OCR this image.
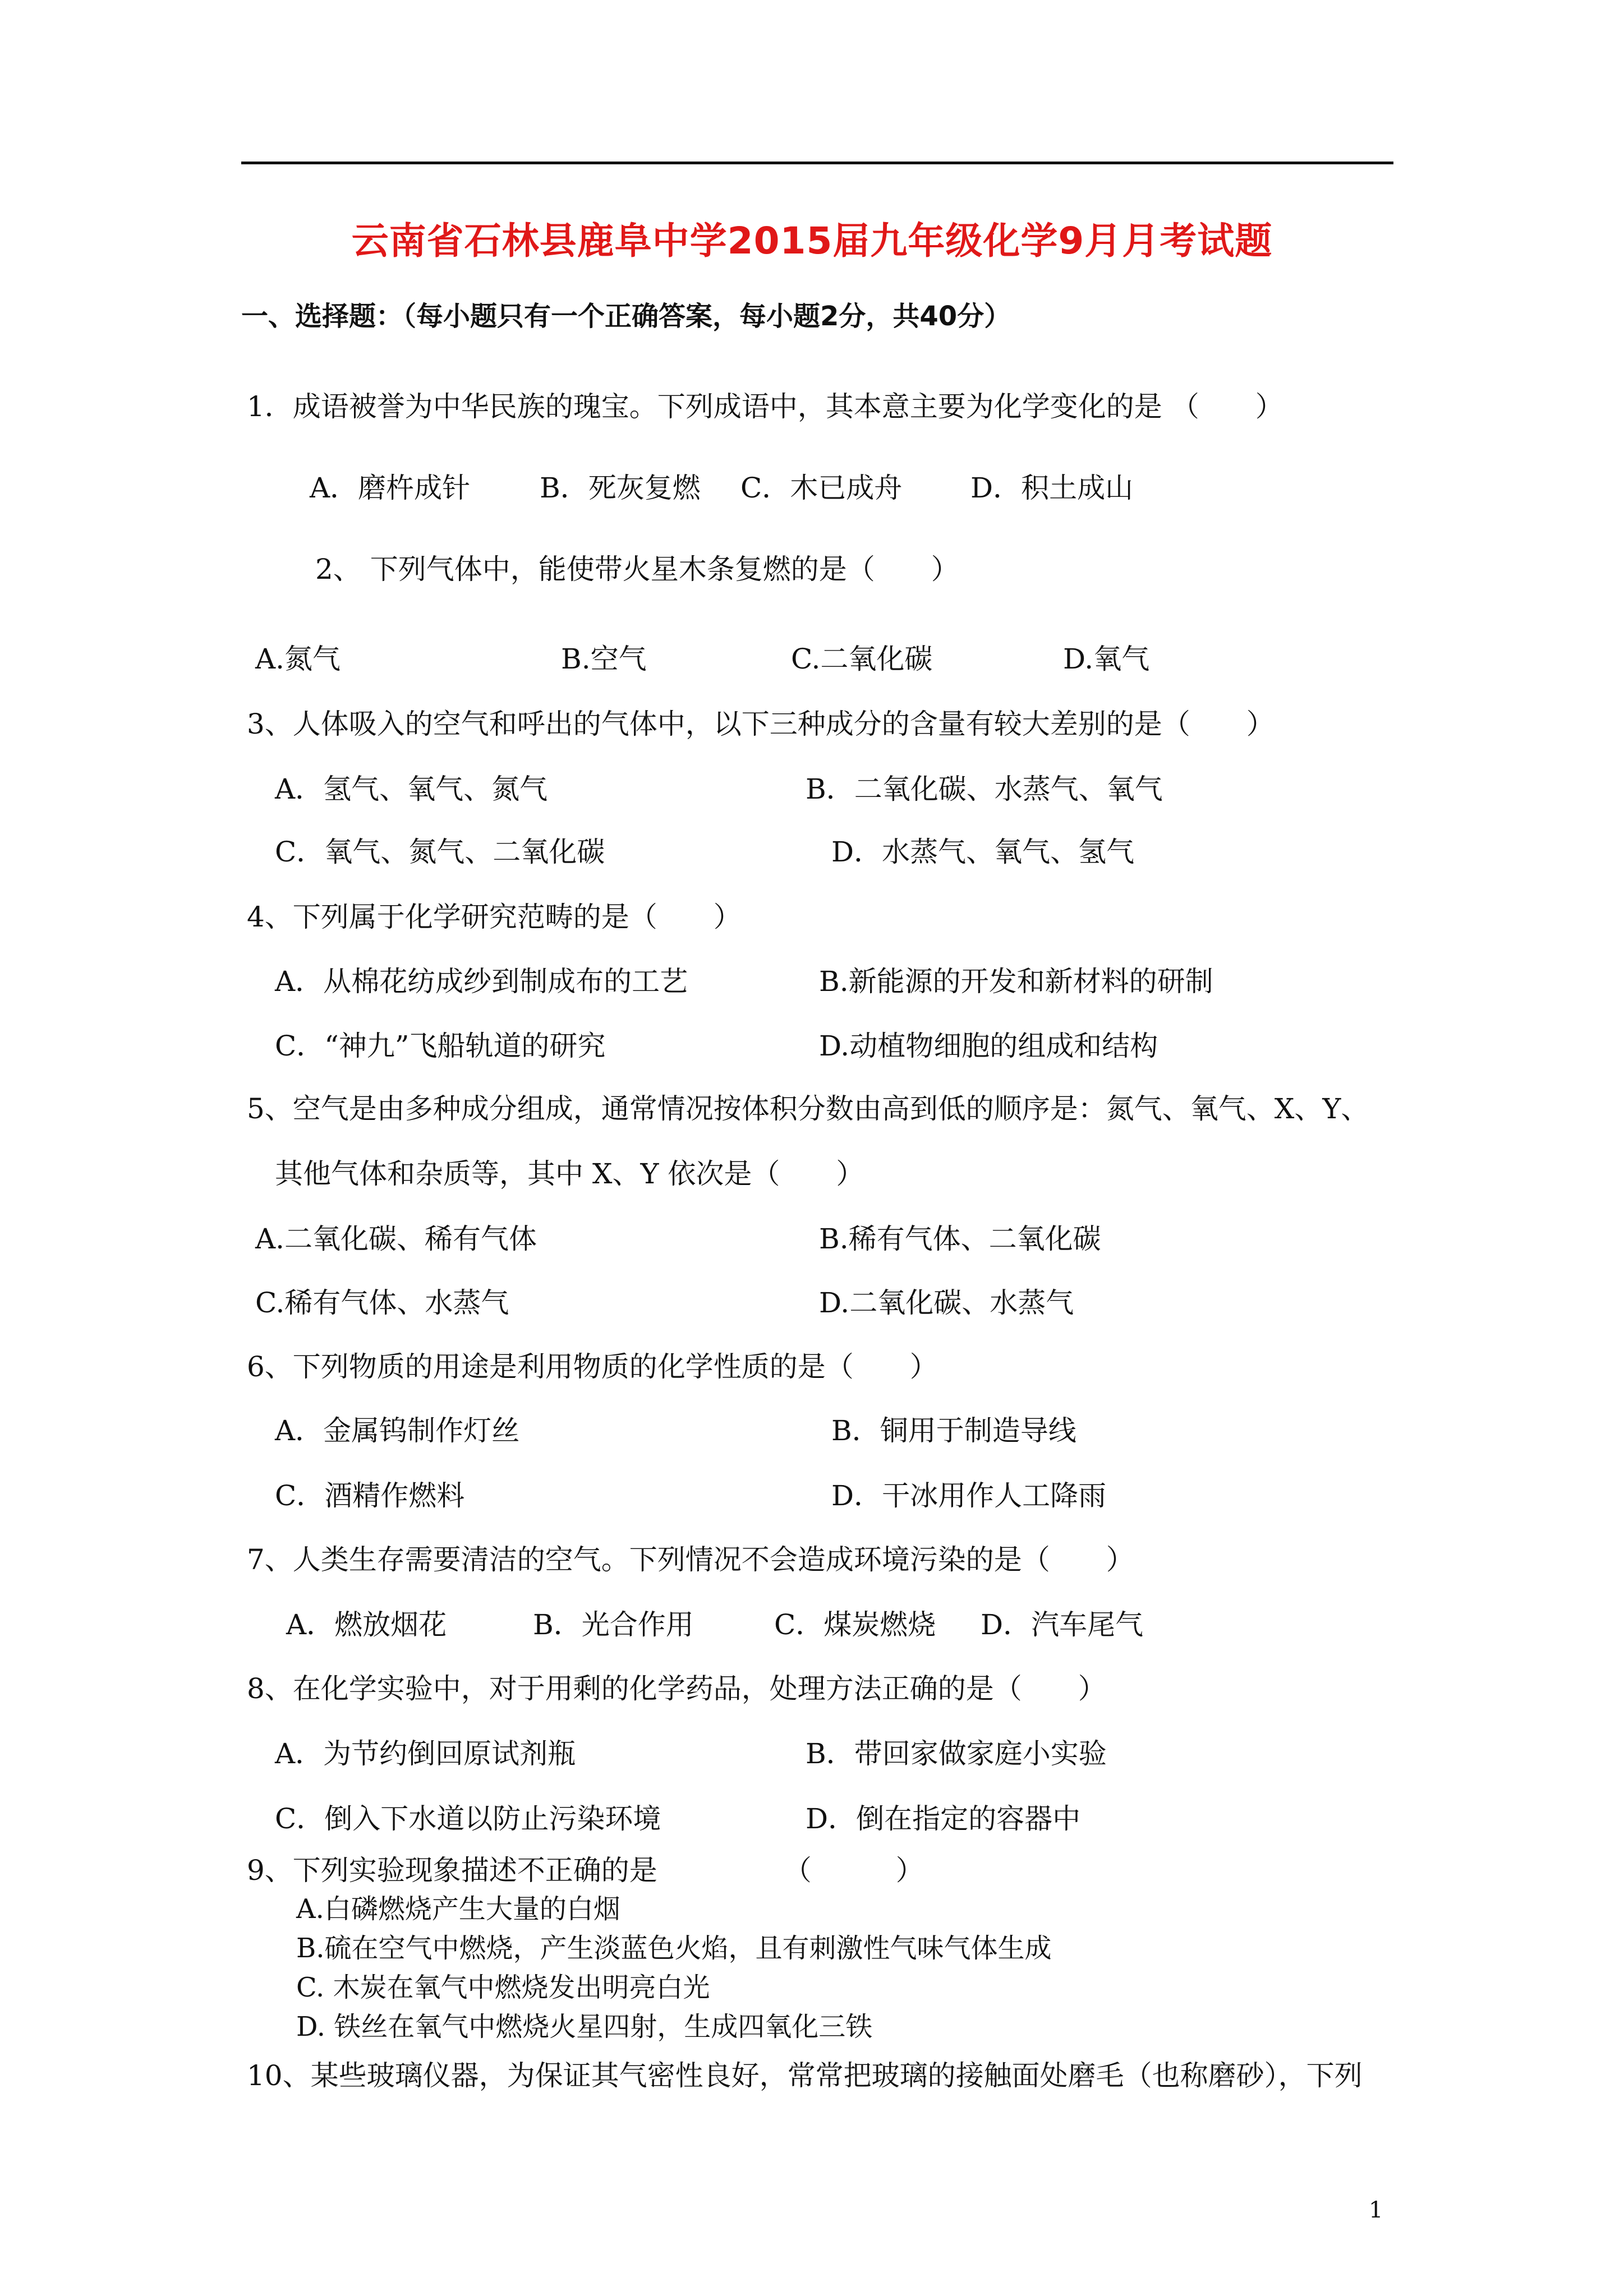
云南省石林县鹿阜中学2015届九年级化学9月月考试题
一、选择题：（每小题只有一个正确答案，每小题2分，共40分）
1．成语被誉为中华民族的瑰宝。下列成语中，其本意主要为化学变化的是 （　　）
A．磨杵成针 B．死灰复燃 C．木已成舟 D．积土成山
2、 下列气体中，能使带火星木条复燃的是（　　）
A.氮气	B.空气	C.二氧化碳	D.氧气
3、人体吸入的空气和呼出的气体中，以下三种成分的含量有较大差别的是（　　）
A．氢气、氧气、氮气	B．二氧化碳、水蒸气、氧气
C．氧气、氮气、二氧化碳	D．水蒸气、氧气、氢气
4、下列属于化学研究范畴的是（　　）
A．从棉花纺成纱到制成布的工艺	B.新能源的开发和新材料的研制
C．“神九”飞船轨道的研究	D.动植物细胞的组成和结构
5、空气是由多种成分组成，通常情况按体积分数由高到低的顺序是：氮气、氧气、X、Y、
其他气体和杂质等，其中 X、Y 依次是（　　）
A.二氧化碳、稀有气体	B.稀有气体、二氧化碳
C.稀有气体、水蒸气	D.二氧化碳、水蒸气
6、下列物质的用途是利用物质的化学性质的是（　　）
A．金属钨制作灯丝	B．铜用于制造导线
C．酒精作燃料	D．干冰用作人工降雨
7、人类生存需要清洁的空气。下列情况不会造成环境污染的是（　　）
A．燃放烟花	B．光合作用	C．煤炭燃烧 D．汽车尾气
8、在化学实验中，对于用剩的化学药品，处理方法正确的是（　　）
A．为节约倒回原试剂瓶	B．带回家做家庭小实验
C．倒入下水道以防止污染环境	D．倒在指定的容器中
9、下列实验现象描述不正确的是　　　　　（　　　）
A.白磷燃烧产生大量的白烟
B.硫在空气中燃烧，产生淡蓝色火焰，且有刺激性气味气体生成
C. 木炭在氧气中燃烧发出明亮白光
D. 铁丝在氧气中燃烧火星四射，生成四氧化三铁
10、某些玻璃仪器，为保证其气密性良好，常常把玻璃的接触面处磨毛（也称磨砂），下列
1
